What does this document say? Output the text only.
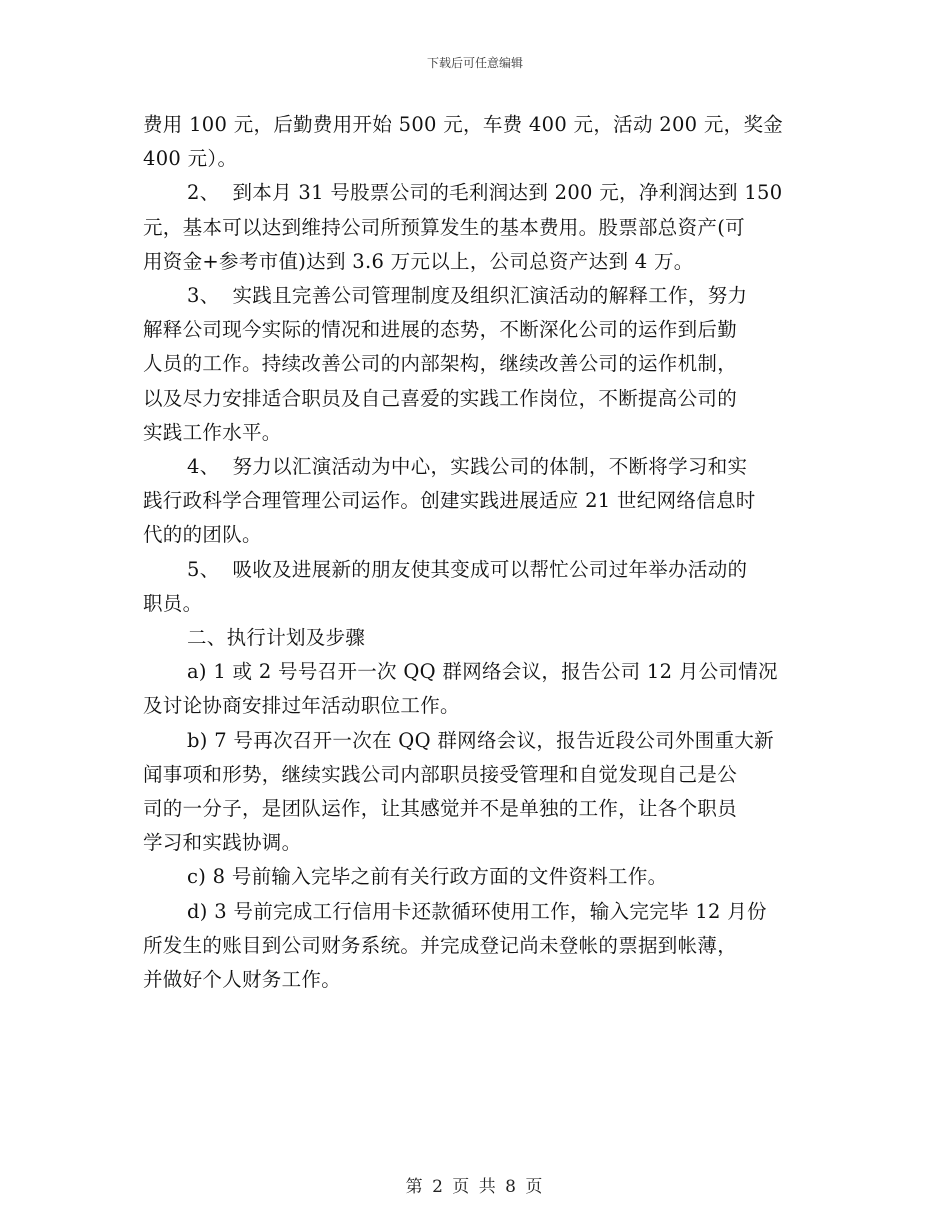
下载后可任意编辑

费用 100 元，后勤费用开始 500 元，车费 400 元，活动 200 元，奖金

400 元）。

2、  到本月 31 号股票公司的毛利润达到 200 元，净利润达到 150

元，基本可以达到维持公司所预算发生的基本费用。股票部总资产(可

用资金+参考市值)达到 3.6 万元以上，公司总资产达到 4 万。

3、  实践且完善公司管理制度及组织汇演活动的解释工作，努力

解释公司现今实际的情况和进展的态势，不断深化公司的运作到后勤

人员的工作。持续改善公司的内部架构，继续改善公司的运作机制，

以及尽力安排适合职员及自己喜爱的实践工作岗位，不断提高公司的

实践工作水平。

4、  努力以汇演活动为中心，实践公司的体制，不断将学习和实

践行政科学合理管理公司运作。创建实践进展适应 21 世纪网络信息时

代的的团队。

5、  吸收及进展新的朋友使其变成可以帮忙公司过年举办活动的

职员。

二、执行计划及步骤

a) 1 或 2 号号召开一次 QQ 群网络会议，报告公司 12 月公司情况

及讨论协商安排过年活动职位工作。

b) 7 号再次召开一次在 QQ 群网络会议，报告近段公司外围重大新

闻事项和形势，继续实践公司内部职员接受管理和自觉发现自己是公

司的一分子，是团队运作，让其感觉并不是单独的工作，让各个职员

学习和实践协调。

c) 8 号前输入完毕之前有关行政方面的文件资料工作。

d) 3 号前完成工行信用卡还款循环使用工作，输入完完毕 12 月份

所发生的账目到公司财务系统。并完成登记尚未登帐的票据到帐薄，

并做好个人财务工作。

第 2 页 共 8 页
